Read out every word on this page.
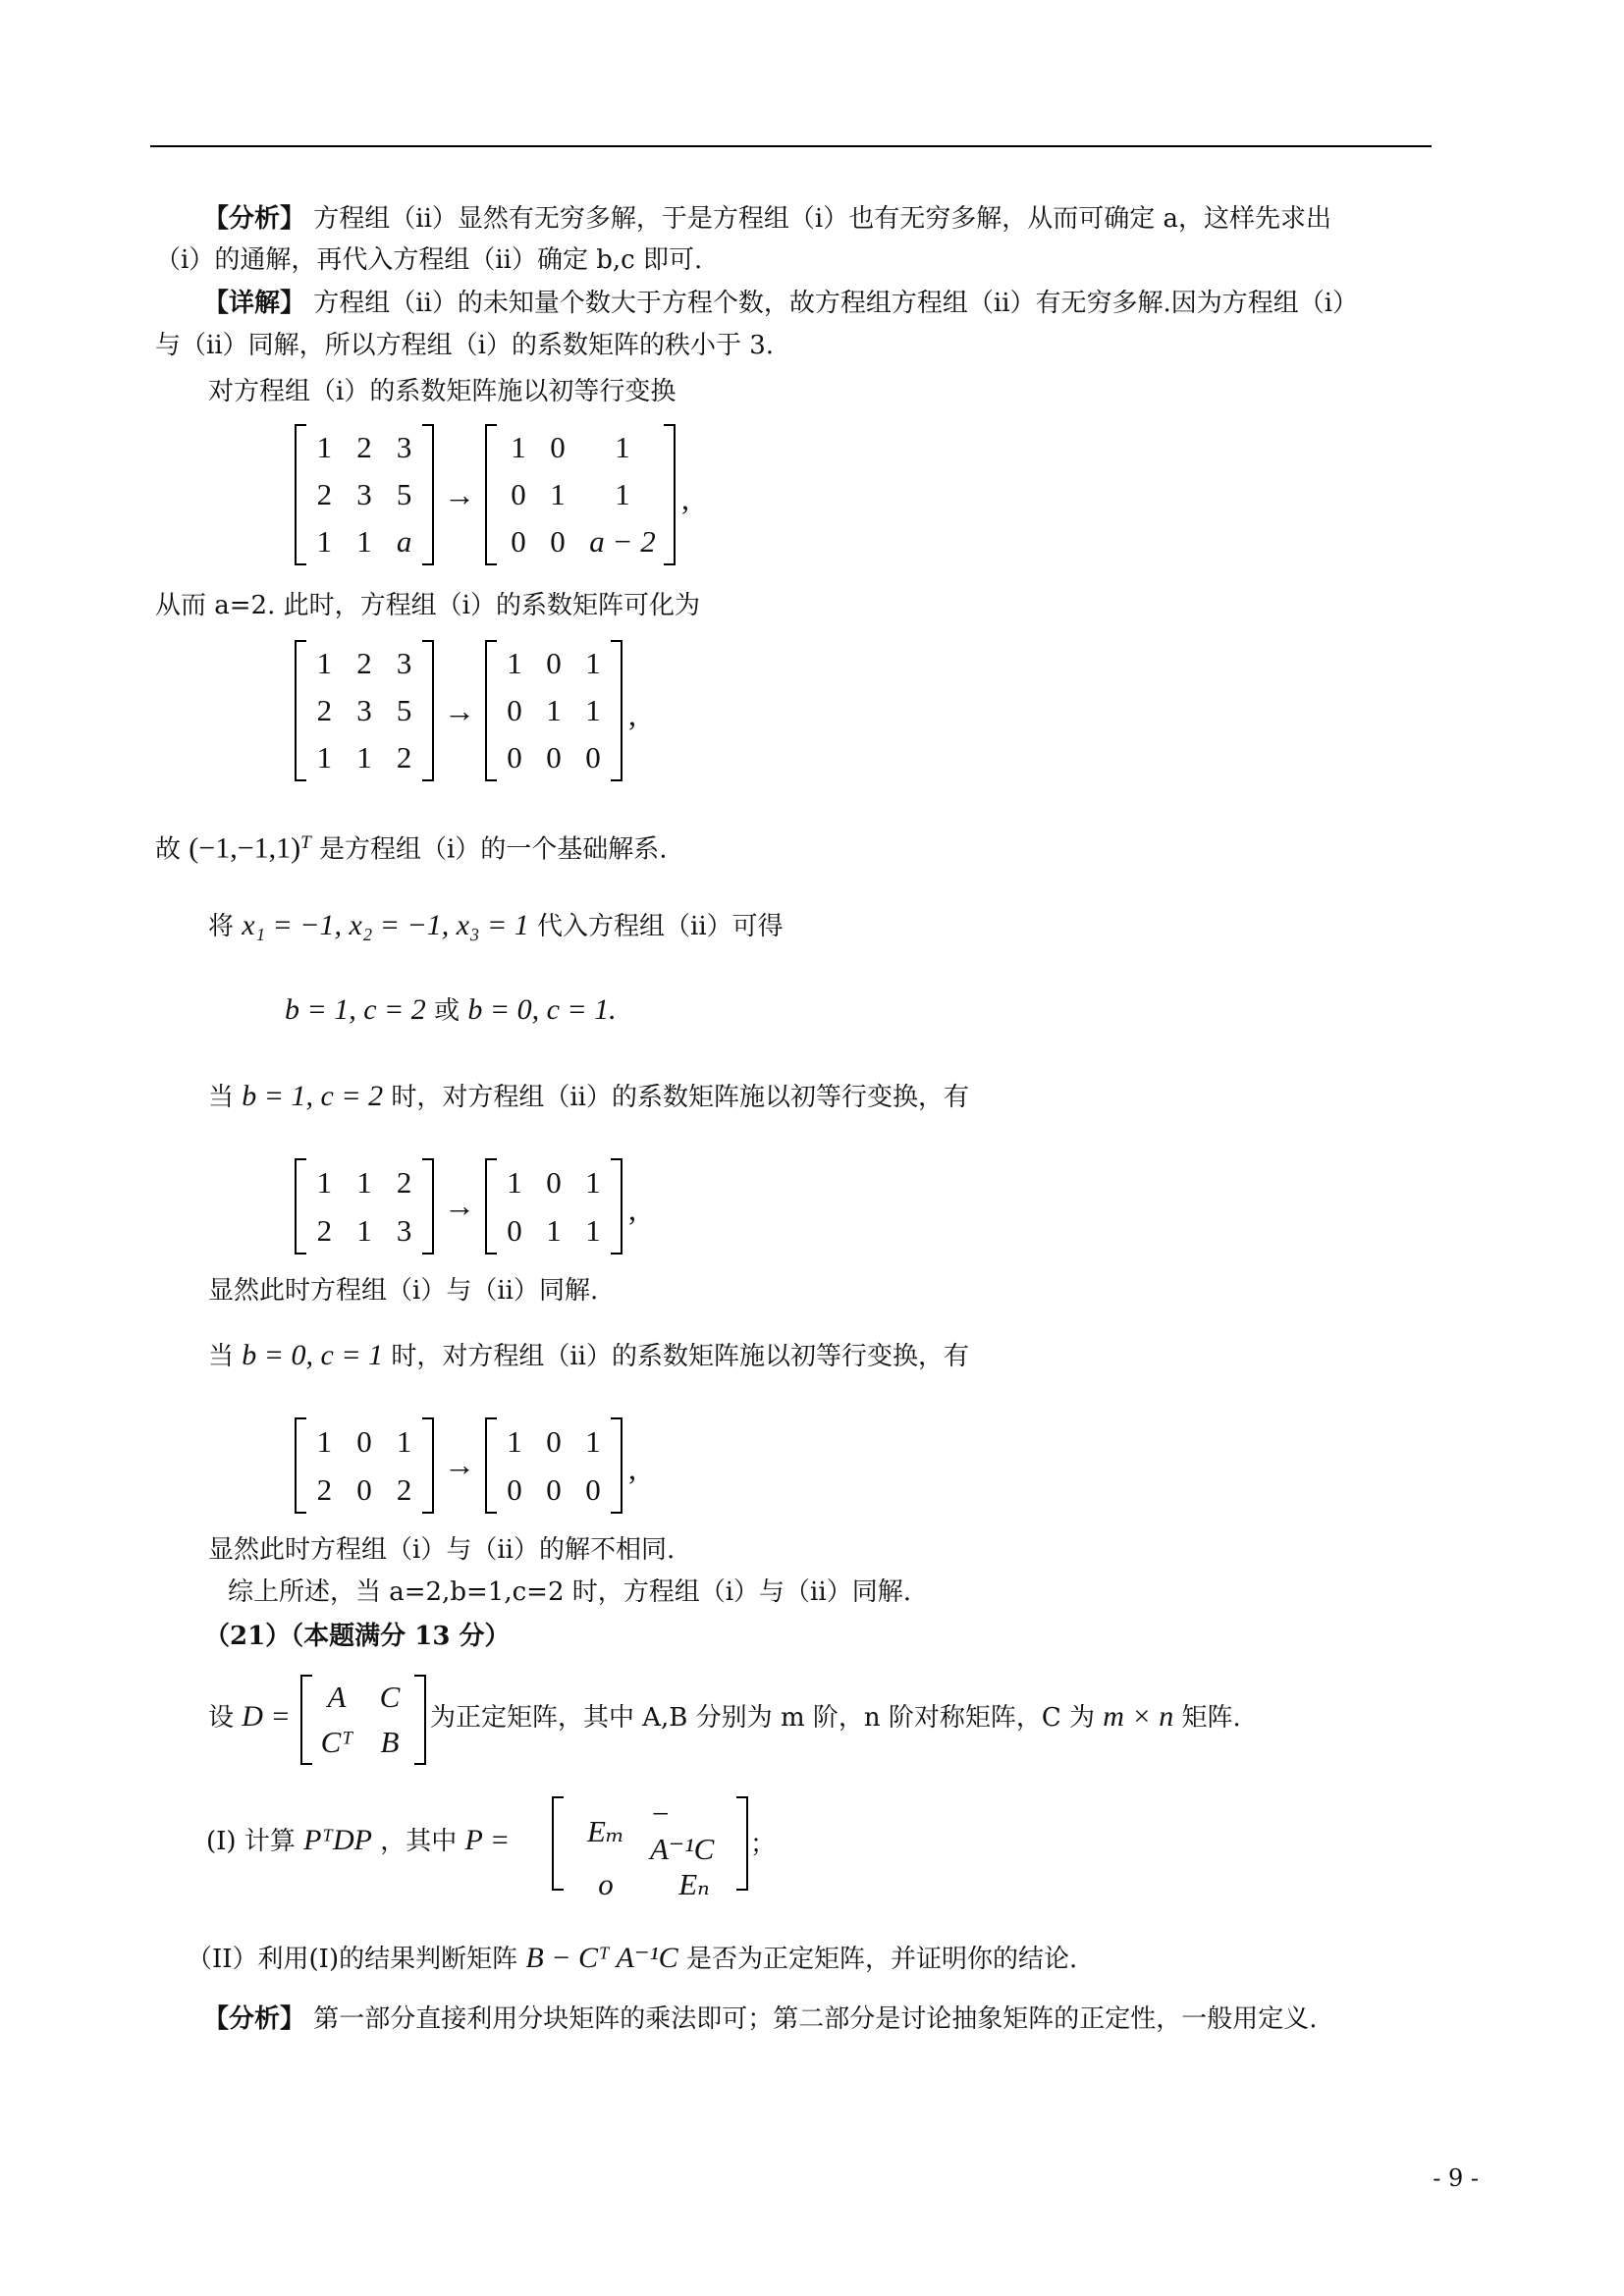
【分析】 方程组（ii）显然有无穷多解，于是方程组（i）也有无穷多解，从而可确定 a，这样先求出
（i）的通解，再代入方程组（ii）确定 b,c 即可.
【详解】 方程组（ii）的未知量个数大于方程个数，故方程组方程组（ii）有无穷多解.因为方程组（i）
与（ii）同解，所以方程组（i）的系数矩阵的秩小于 3.
对方程组（i）的系数矩阵施以初等行变换
1 2 3
2 3 5
1 1 a
→
1 0	1
0 1	1
0 0 a − 2
,
从而 a=2. 此时，方程组（i）的系数矩阵可化为
1 2 3
2 3 5
1 1 2
→
1 0 1
0 1 1
0 0 0
,
故 $(-1,-1,1)^T$ 是方程组（i）的一个基础解系.
将 x₁ = −1, x₂ = −1, x₃ = 1 代入方程组（ii）可得
b = 1, c = 2 或 b = 0, c = 1.
当 b = 1, c = 2 时，对方程组（ii）的系数矩阵施以初等行变换，有
1 1 2
2 1 3
→
1 0 1
0 1 1
,
显然此时方程组（i）与（ii）同解.
当 b = 0, c = 1 时，对方程组（ii）的系数矩阵施以初等行变换，有
1 0 1
2 0 2
→
1 0 1
0 0 0
,
显然此时方程组（i）与（ii）的解不相同.
综上所述，当 a=2,b=1,c=2 时，方程组（i）与（ii）同解.
（21）（本题满分 13 分）
设 D =
A	C
Cᵀ B
为正定矩阵，其中 A,B 分别为 m 阶，n 阶对称矩阵，C 为 m × n 矩阵.
(I) 计算 PᵀDP ，其中 P =	Eₘ
− A⁻¹C
o	Eₙ
；
（II）利用(I)的结果判断矩阵 B − Cᵀ A⁻¹C 是否为正定矩阵，并证明你的结论.
【分析】 第一部分直接利用分块矩阵的乘法即可；第二部分是讨论抽象矩阵的正定性，一般用定义.
- 9 -
